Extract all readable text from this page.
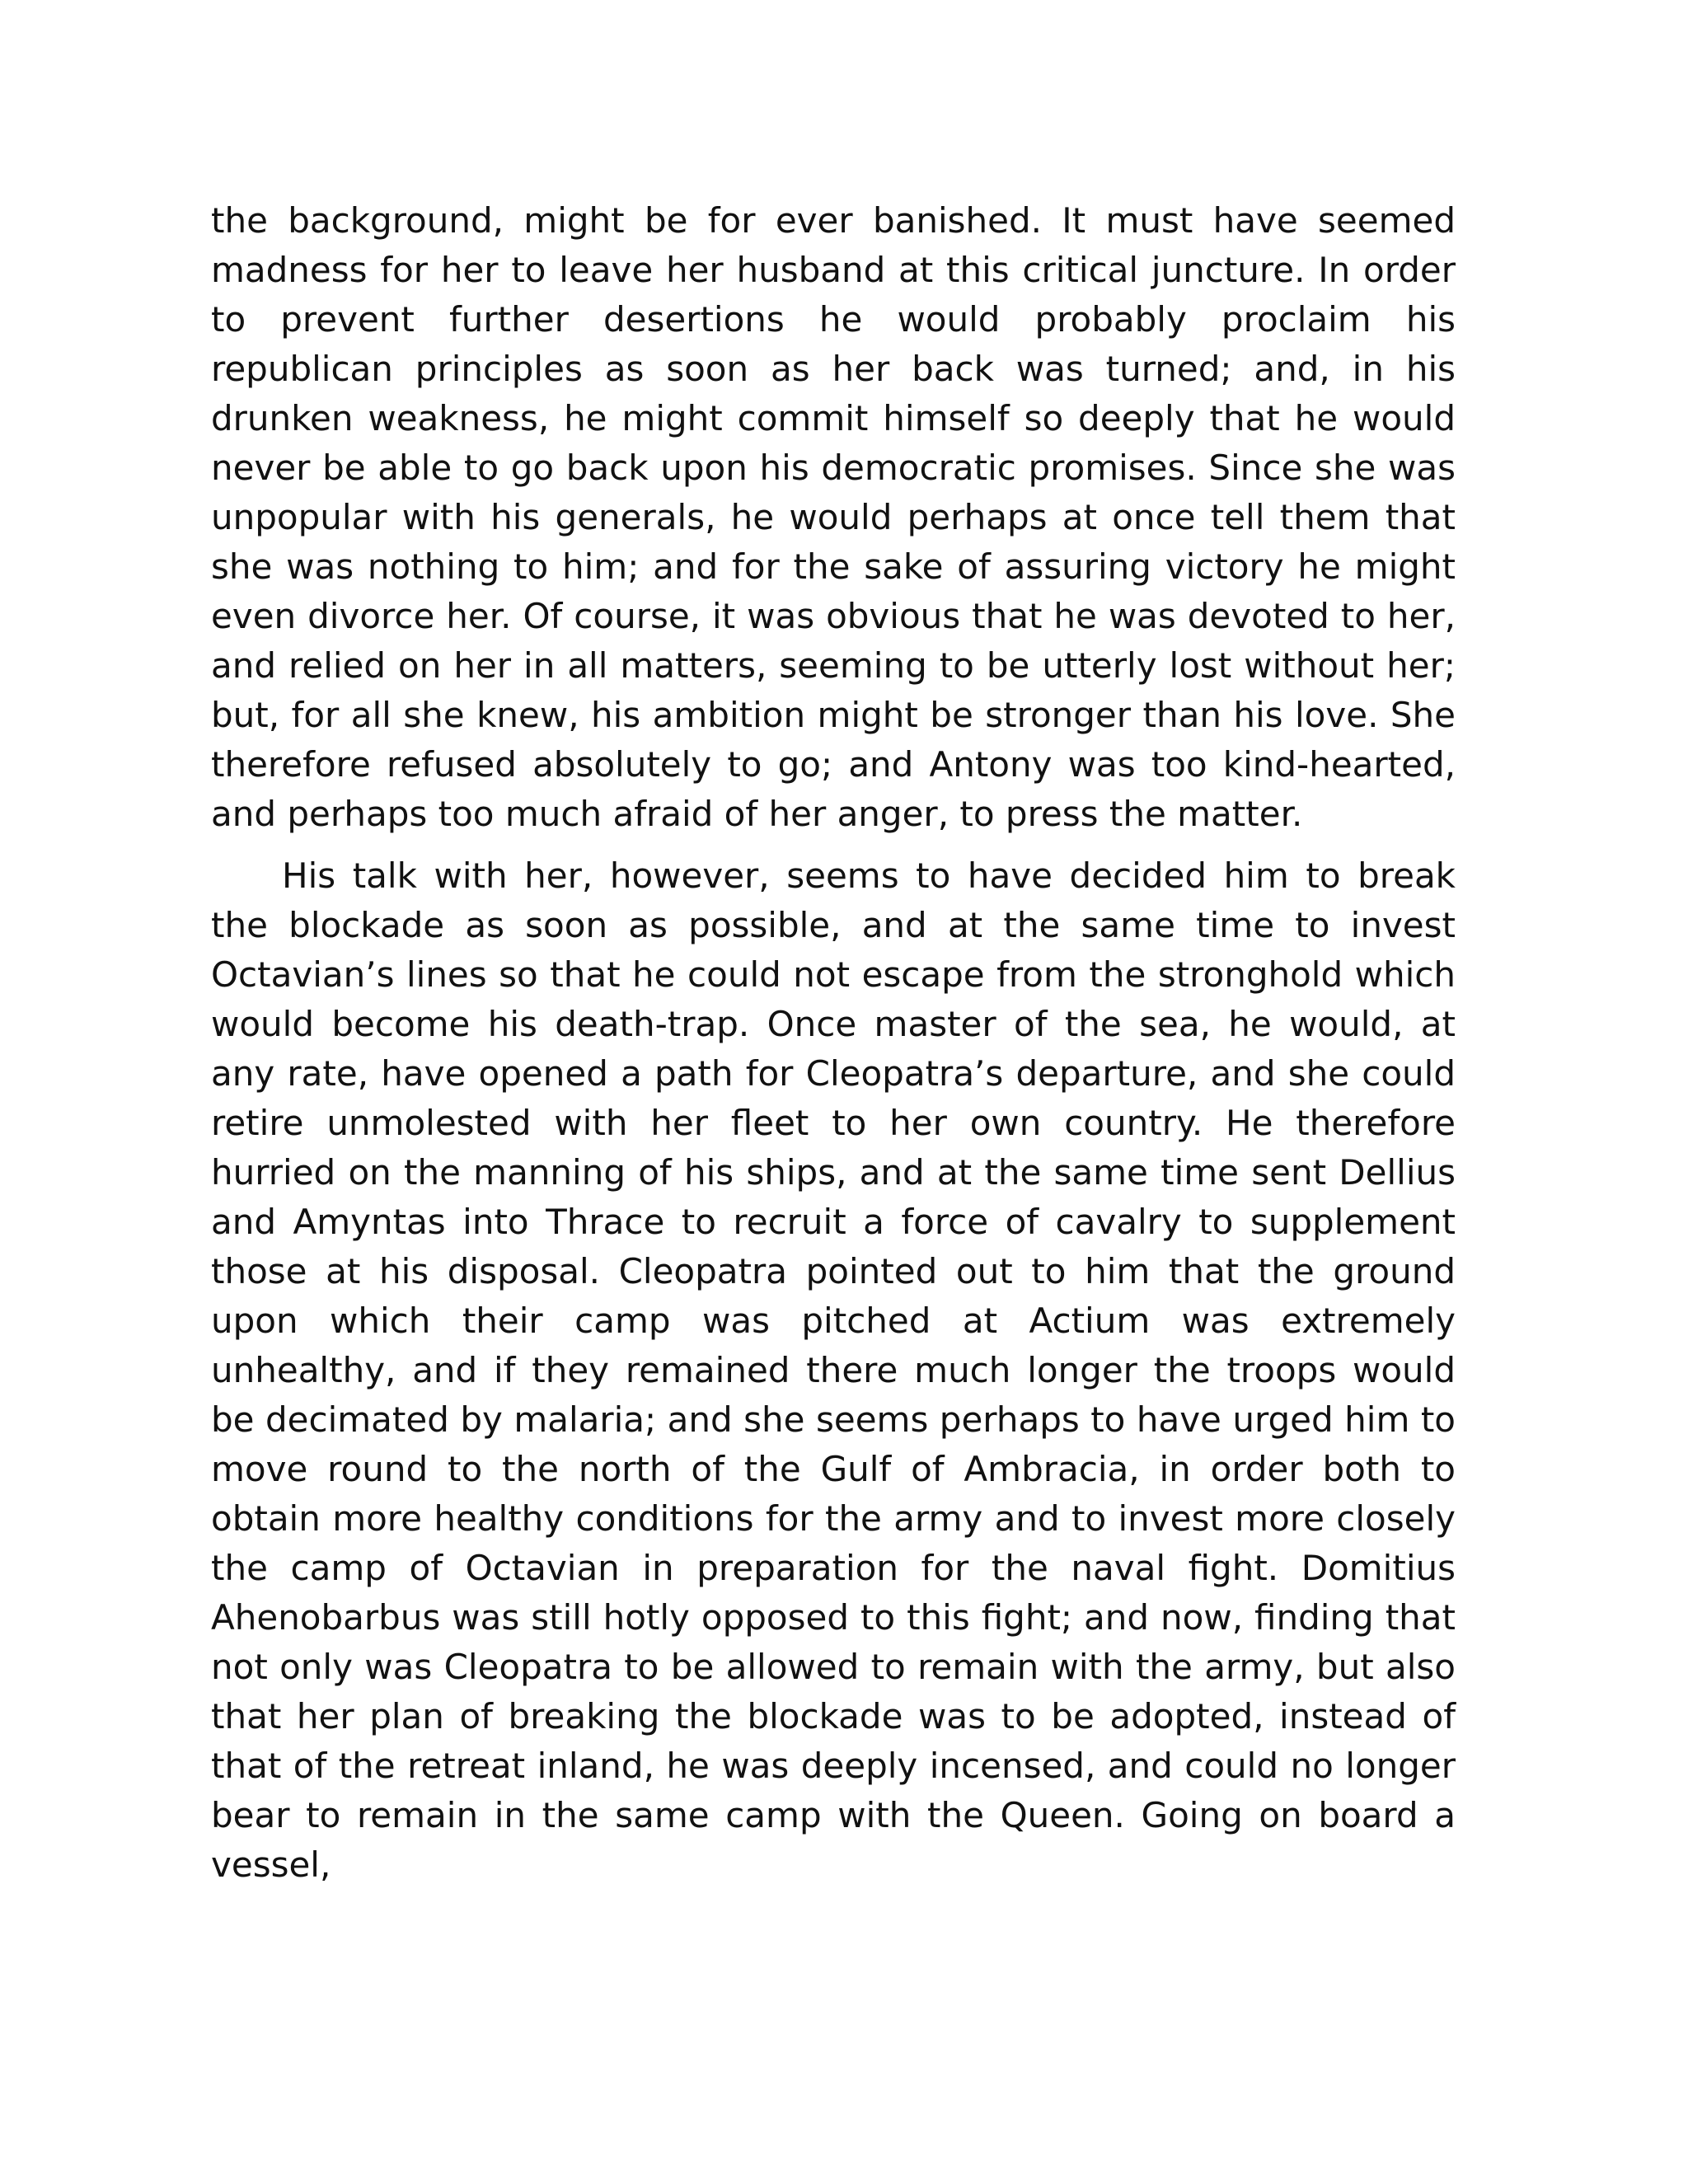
the background, might be for ever banished. It must have seemed madness for her to leave her husband at this critical juncture. In order to prevent further desertions he would probably proclaim his republican principles as soon as her back was turned; and, in his drunken weakness, he might commit himself so deeply that he would never be able to go back upon his democratic promises. Since she was unpopular with his generals, he would perhaps at once tell them that she was nothing to him; and for the sake of assuring victory he might even divorce her. Of course, it was obvious that he was devoted to her, and relied on her in all matters, seeming to be utterly lost without her; but, for all she knew, his ambition might be stronger than his love. She therefore refused absolutely to go; and Antony was too kind-hearted, and perhaps too much afraid of her anger, to press the matter.

His talk with her, however, seems to have decided him to break the blockade as soon as possible, and at the same time to invest Octavian’s lines so that he could not escape from the stronghold which would become his death-trap. Once master of the sea, he would, at any rate, have opened a path for Cleopatra’s departure, and she could retire unmolested with her fleet to her own country. He therefore hurried on the manning of his ships, and at the same time sent Dellius and Amyntas into Thrace to recruit a force of cavalry to supplement those at his disposal. Cleopatra pointed out to him that the ground upon which their camp was pitched at Actium was extremely unhealthy, and if they remained there much longer the troops would be decimated by malaria; and she seems perhaps to have urged him to move round to the north of the Gulf of Ambracia, in order both to obtain more healthy conditions for the army and to invest more closely the camp of Octavian in preparation for the naval fight. Domitius Ahenobarbus was still hotly opposed to this fight; and now, finding that not only was Cleopatra to be allowed to remain with the army, but also that her plan of breaking the blockade was to be adopted, instead of that of the retreat inland, he was deeply incensed, and could no longer bear to remain in the same camp with the Queen. Going on board a vessel,
